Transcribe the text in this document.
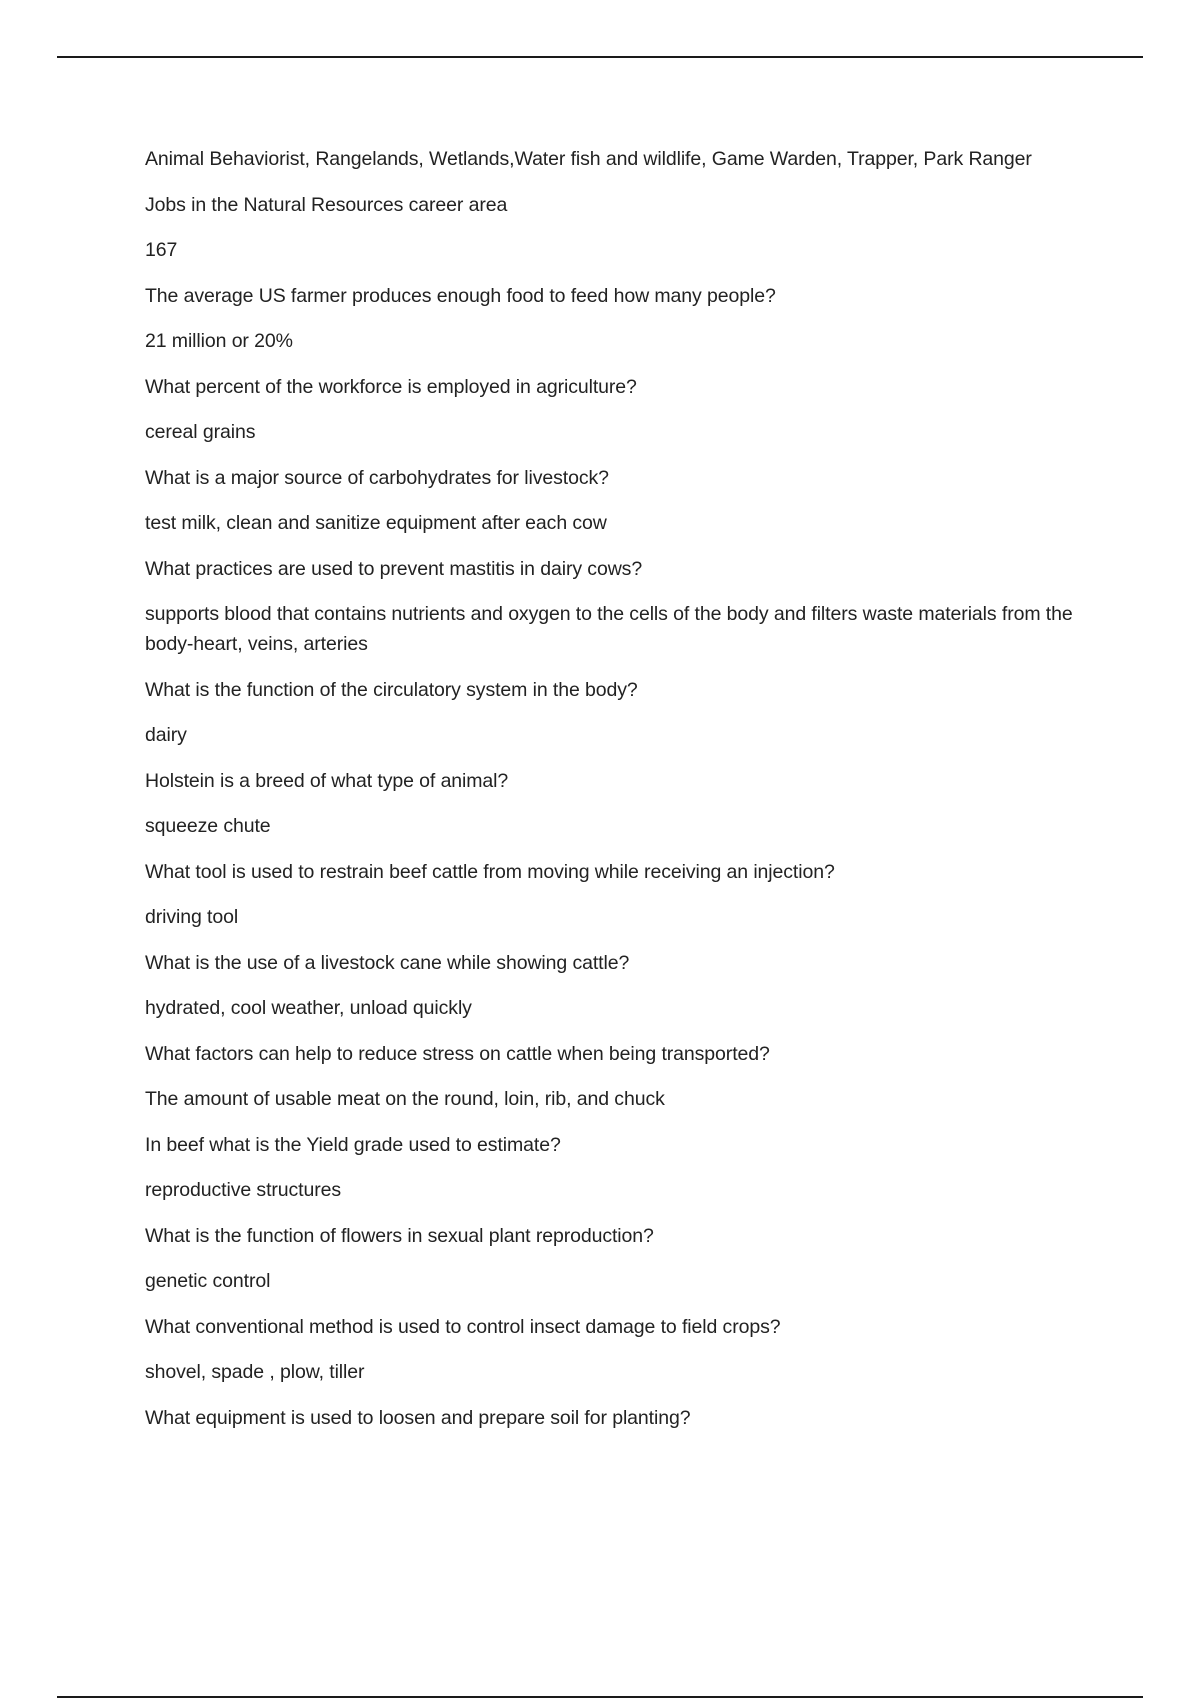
Animal Behaviorist, Rangelands, Wetlands,Water fish and wildlife, Game Warden, Trapper, Park Ranger

Jobs in the Natural Resources career area

167

The average US farmer produces enough food to feed how many people?

21 million or 20%

What percent of the workforce is employed in agriculture?

cereal grains

What is a major source of carbohydrates for livestock?

test milk, clean and sanitize equipment after each cow

What practices are used to prevent mastitis in dairy cows?

supports blood that contains nutrients and oxygen to the cells of the body and filters waste materials from the body-heart, veins, arteries

What is the function of the circulatory system in the body?

dairy

Holstein is a breed of what type of animal?

squeeze chute

What tool is used to restrain beef cattle from moving while receiving an injection?

driving tool

What is the use of a livestock cane while showing cattle?

hydrated, cool weather, unload quickly

What factors can help to reduce stress on cattle when being transported?

The amount of usable meat on the round, loin, rib, and chuck

In beef what is the Yield grade used to estimate?

reproductive structures

What is the function of flowers in sexual plant reproduction?

genetic control

What conventional method is used to control insect damage to field crops?

shovel, spade , plow, tiller

What equipment is used to loosen and prepare soil for planting?
